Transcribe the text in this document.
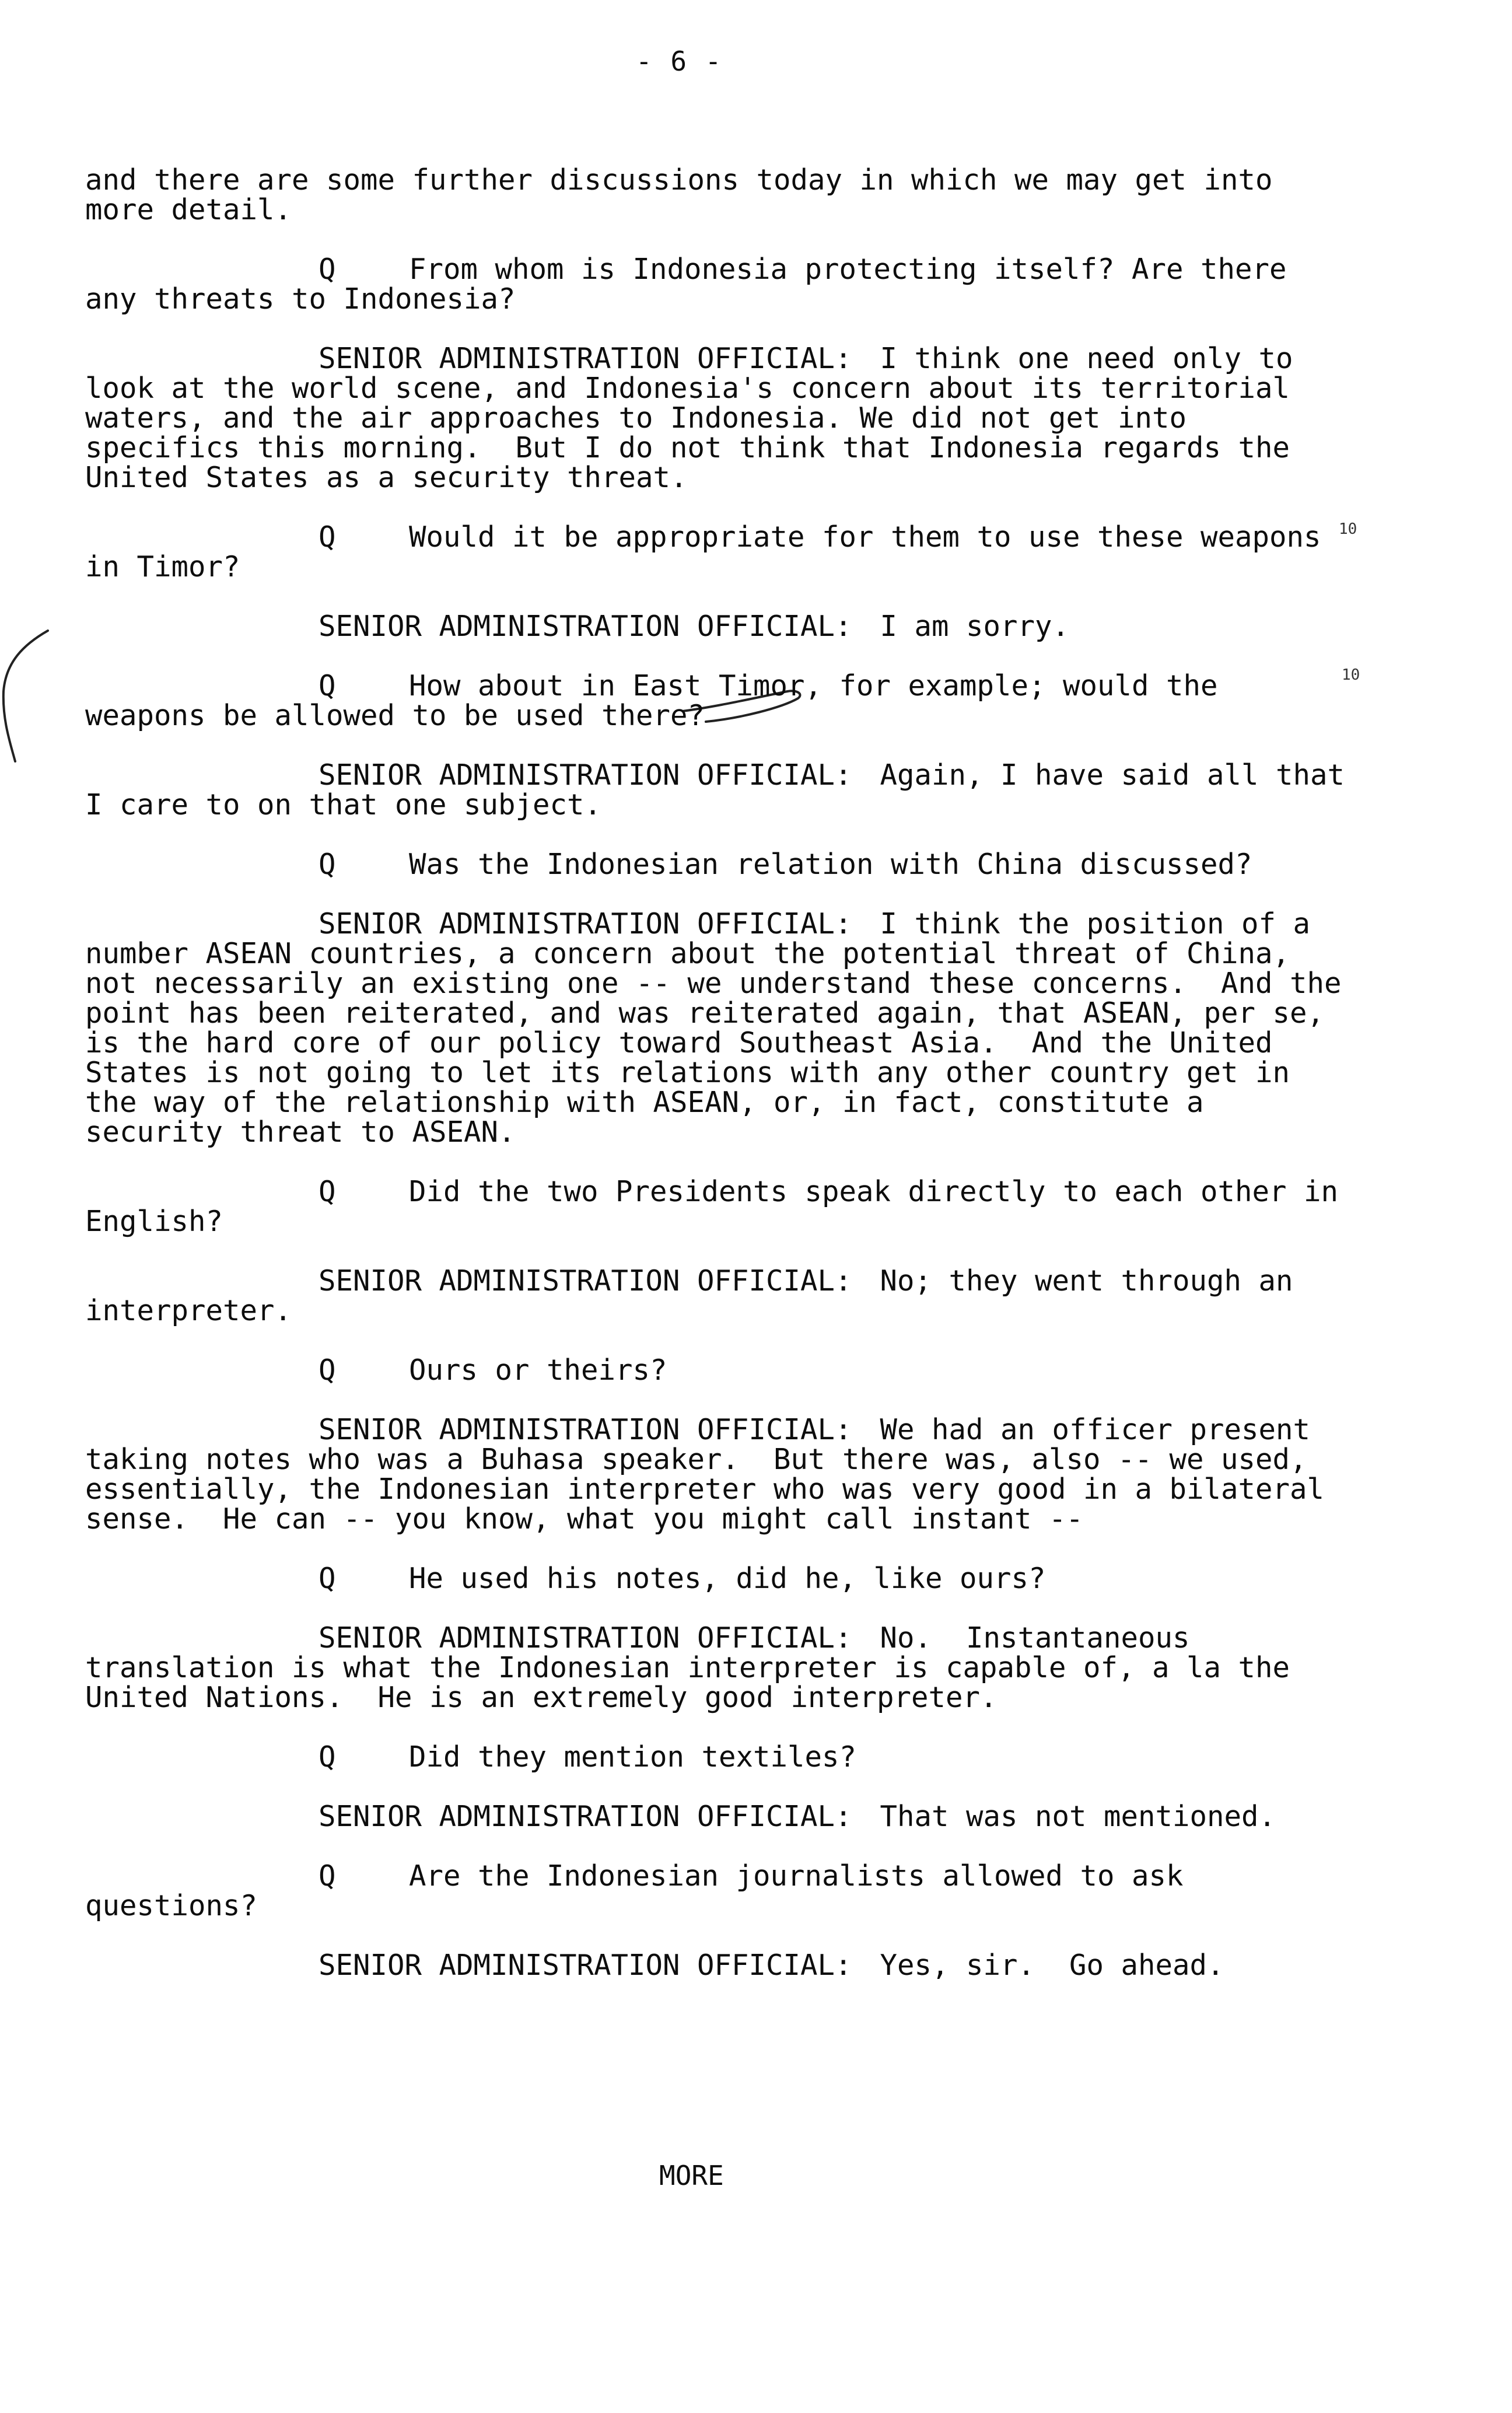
- 6 -
10
10

and there are some further discussions today in which we may get into more detail.

Q	From whom is Indonesia protecting itself? Are there any threats to Indonesia?

SENIOR ADMINISTRATION OFFICIAL: I think one need only to look at the world scene, and Indonesia's concern about its territorial waters, and the air approaches to Indonesia. We did not get into specifics this morning.  But I do not think that Indonesia regards the United States as a security threat.

Q	Would it be appropriate for them to use these weapons in Timor?

SENIOR ADMINISTRATION OFFICIAL: I am sorry.

Q	How about in East Timor, for example; would the weapons be allowed to be used there?

SENIOR ADMINISTRATION OFFICIAL: Again, I have said all that I care to on that one subject.

Q	Was the Indonesian relation with China discussed?

SENIOR ADMINISTRATION OFFICIAL: I think the position of a number ASEAN countries, a concern about the potential threat of China, not necessarily an existing one -- we understand these concerns.  And the point has been reiterated, and was reiterated again, that ASEAN, per se, is the hard core of our policy toward Southeast Asia.  And the United States is not going to let its relations with any other country get in the way of the relationship with ASEAN, or, in fact, constitute a security threat to ASEAN.

Q	Did the two Presidents speak directly to each other in English?

SENIOR ADMINISTRATION OFFICIAL: No; they went through an interpreter.

Q	Ours or theirs?

SENIOR ADMINISTRATION OFFICIAL: We had an officer present taking notes who was a Buhasa speaker.  But there was, also -- we used, essentially, the Indonesian interpreter who was very good in a bilateral sense.  He can -- you know, what you might call instant --

Q	He used his notes, did he, like ours?

SENIOR ADMINISTRATION OFFICIAL: No.  Instantaneous translation is what the Indonesian interpreter is capable of, a la the United Nations.  He is an extremely good interpreter.

Q	Did they mention textiles?

SENIOR ADMINISTRATION OFFICIAL: That was not mentioned.

Q	Are the Indonesian journalists allowed to ask questions?

SENIOR ADMINISTRATION OFFICIAL: Yes, sir.  Go ahead.

MORE
